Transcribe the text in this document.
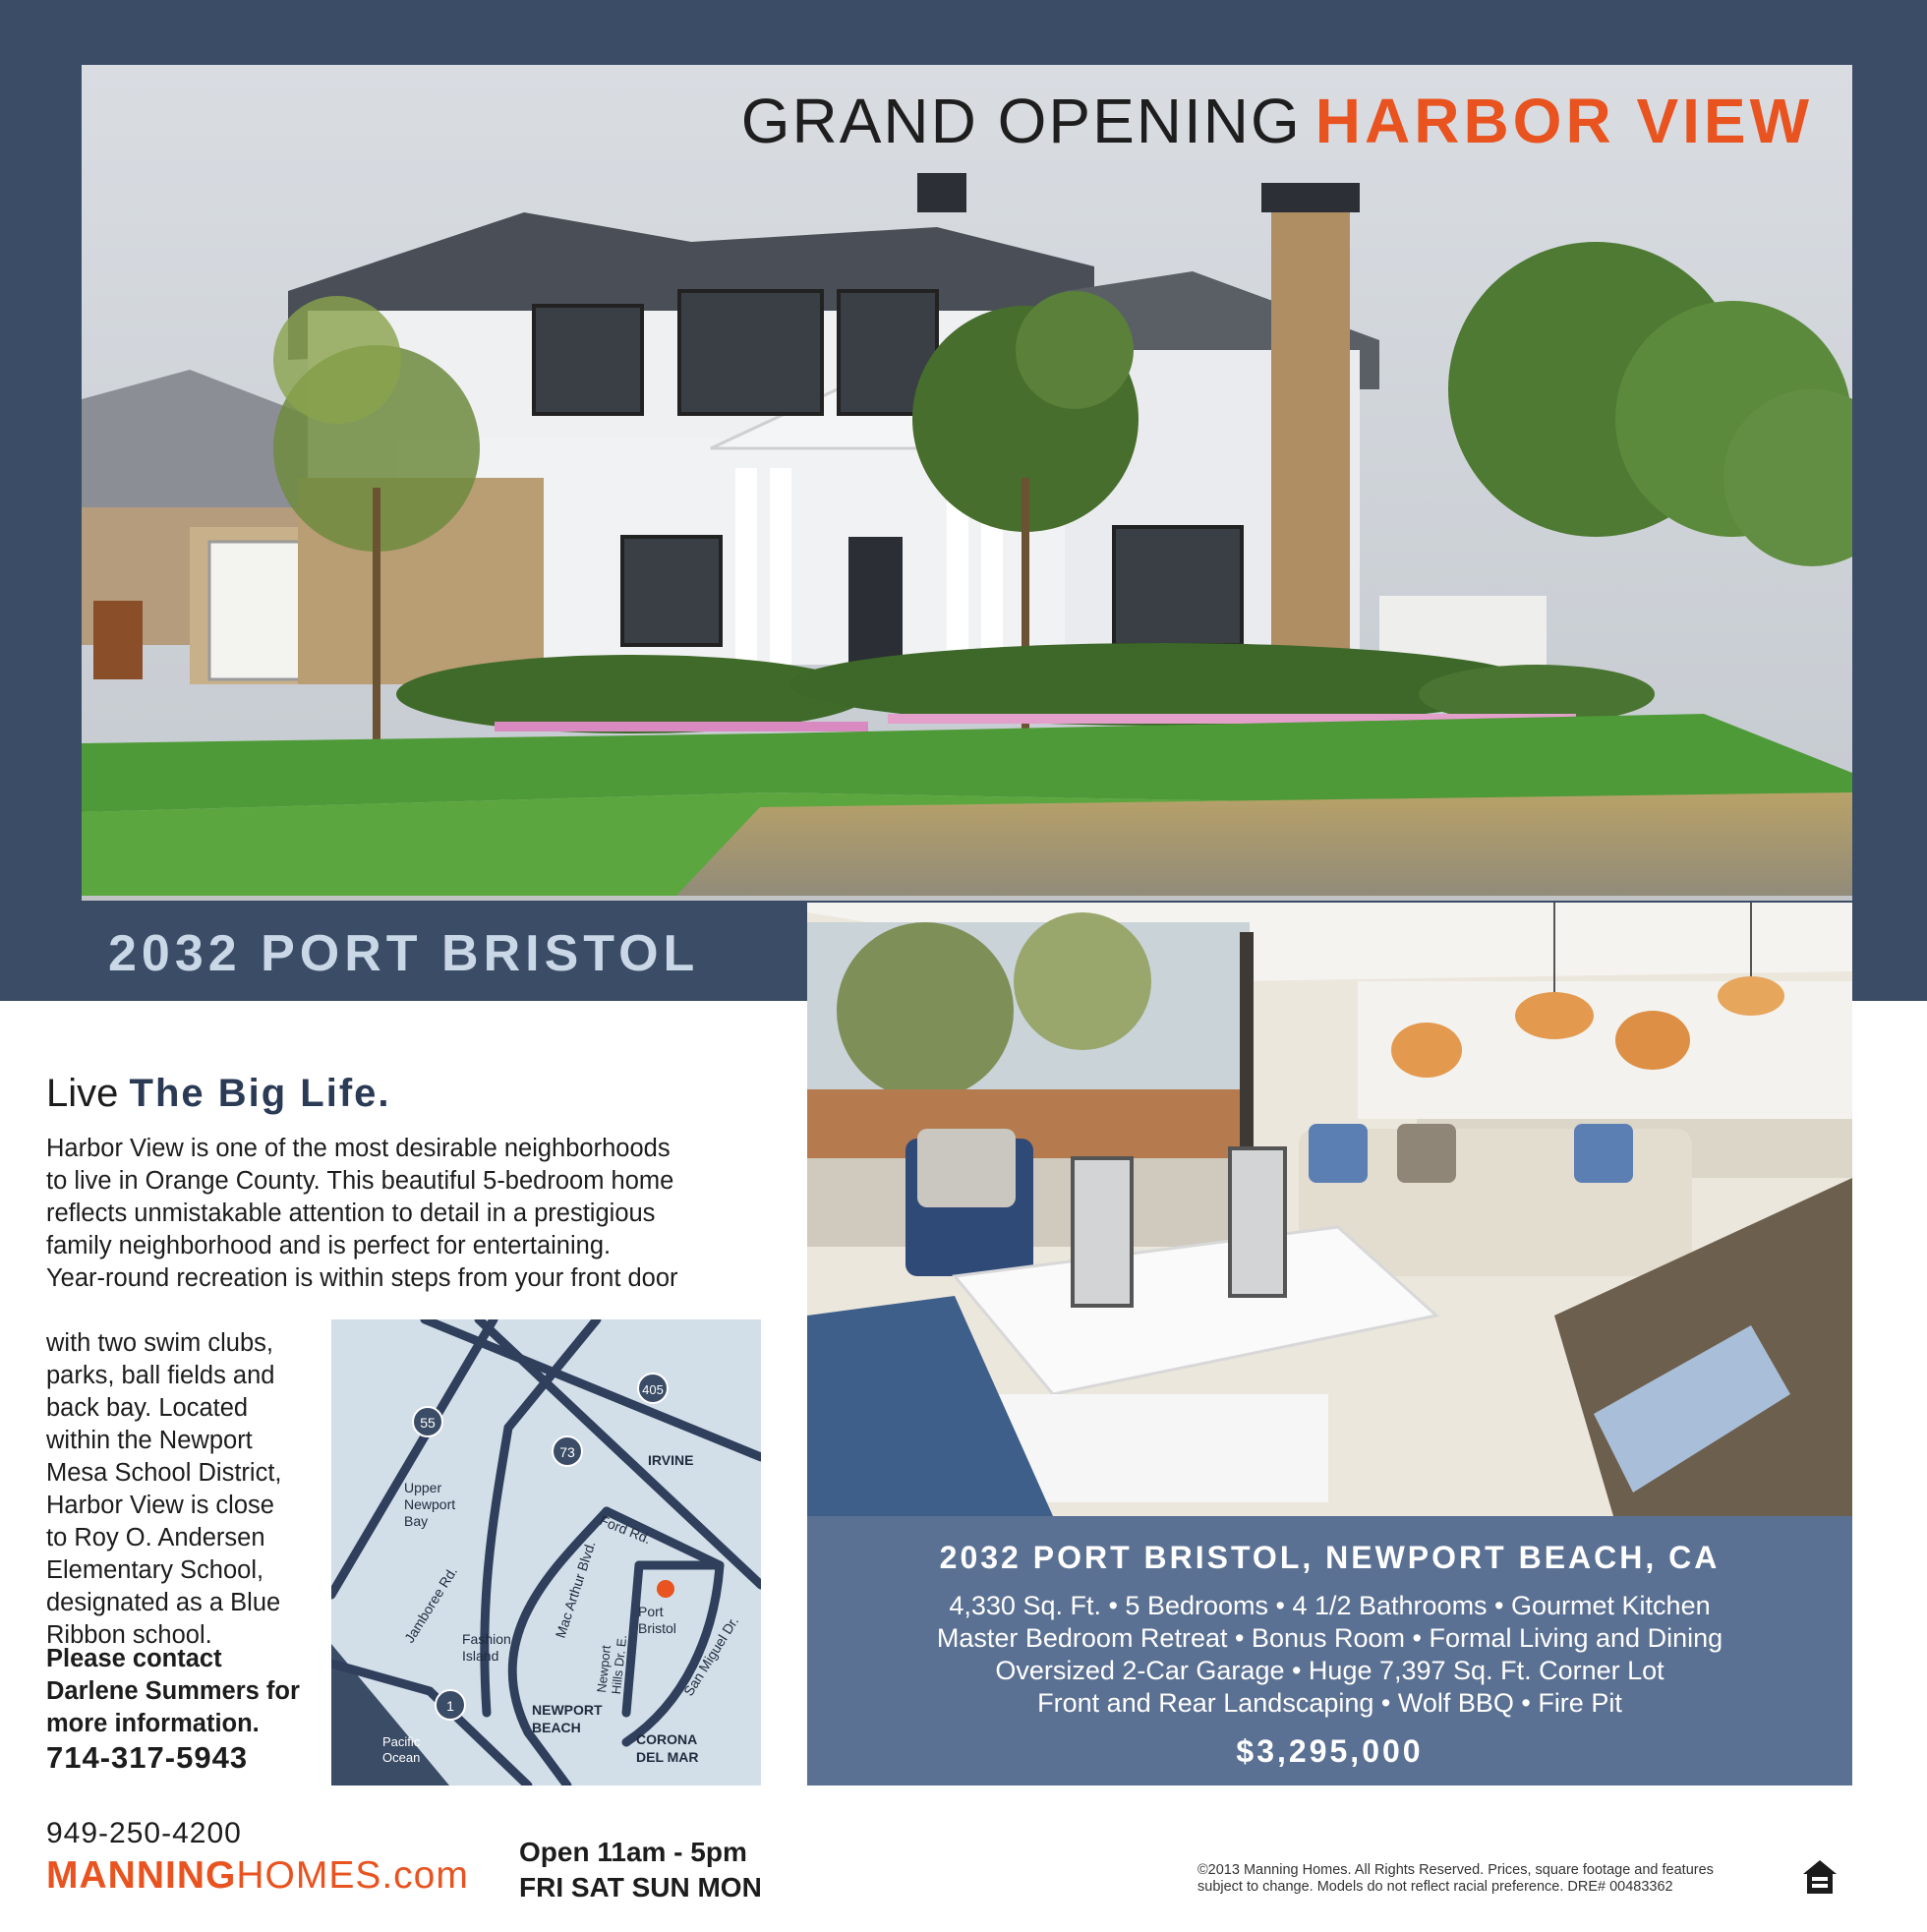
GRAND OPENING HARBOR VIEW
2032 PORT BRISTOL
2032 PORT BRISTOL, NEWPORT BEACH, CA
4,330 Sq. Ft. • 5 Bedrooms • 4 1/2 Bathrooms • Gourmet Kitchen
Master Bedroom Retreat • Bonus Room • Formal Living and Dining
Oversized 2-Car Garage • Huge 7,397 Sq. Ft. Corner Lot
Front and Rear Landscaping • Wolf BBQ • Fire Pit
$3,295,000
Live The Big Life.
Harbor View is one of the most desirable neighborhoods
to live in Orange County. This beautiful 5-bedroom home
reflects unmistakable attention to detail in a prestigious
family neighborhood and is perfect for entertaining.
Year-round recreation is within steps from your front door
with two swim clubs,
parks, ball fields and
back bay. Located
within the Newport
Mesa School District,
Harbor View is close
to Roy O. Andersen
Elementary School,
designated as a Blue
Ribbon school.
Please contact
Darlene Summers for
more information.
714-317-5943
55
405
73
1
IRVINE
NEWPORT BEACH
CORONA DEL MAR
Upper Newport Bay
Fashion Island
Pacific Ocean
Port Bristol
Jamboree Rd.	Mac Arthur Blvd.
Ford Rd.
Newport Hills Dr. E.	San Miguel Dr.
949-250-4200
MANNINGHOMES.com
Open 11am - 5pm
FRI SAT SUN MON
©2013 Manning Homes. All Rights Reserved. Prices, square footage and features
subject to change. Models do not reflect racial preference. DRE# 00483362
